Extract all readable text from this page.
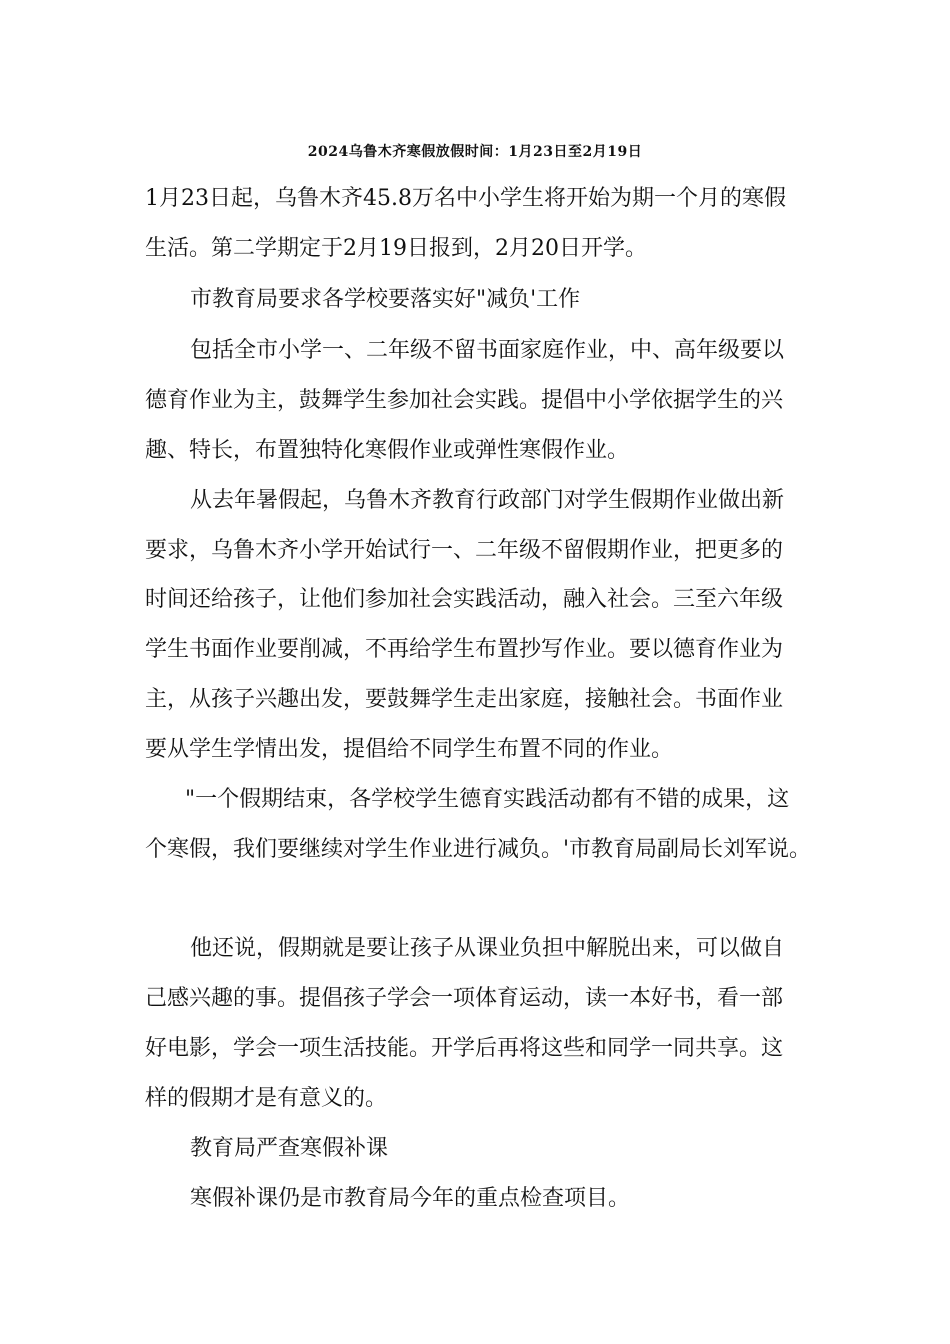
2024乌鲁木齐寒假放假时间：1月23日至2月19日
1月23日起，乌鲁木齐45.8万名中小学生将开始为期一个月的寒假
生活。第二学期定于2月19日报到，2月20日开学。
市教育局要求各学校要落实好"减负'工作
包括全市小学一、二年级不留书面家庭作业，中、高年级要以
德育作业为主，鼓舞学生参加社会实践。提倡中小学依据学生的兴
趣、特长，布置独特化寒假作业或弹性寒假作业。
从去年暑假起，乌鲁木齐教育行政部门对学生假期作业做出新
要求，乌鲁木齐小学开始试行一、二年级不留假期作业，把更多的
时间还给孩子，让他们参加社会实践活动，融入社会。三至六年级
学生书面作业要削减，不再给学生布置抄写作业。要以德育作业为
主，从孩子兴趣出发，要鼓舞学生走出家庭，接触社会。书面作业
要从学生学情出发，提倡给不同学生布置不同的作业。
"一个假期结束，各学校学生德育实践活动都有不错的成果，这
个寒假，我们要继续对学生作业进行减负。'市教育局副局长刘军说。
他还说，假期就是要让孩子从课业负担中解脱出来，可以做自
己感兴趣的事。提倡孩子学会一项体育运动，读一本好书，看一部
好电影，学会一项生活技能。开学后再将这些和同学一同共享。这
样的假期才是有意义的。
教育局严查寒假补课
寒假补课仍是市教育局今年的重点检查项目。
